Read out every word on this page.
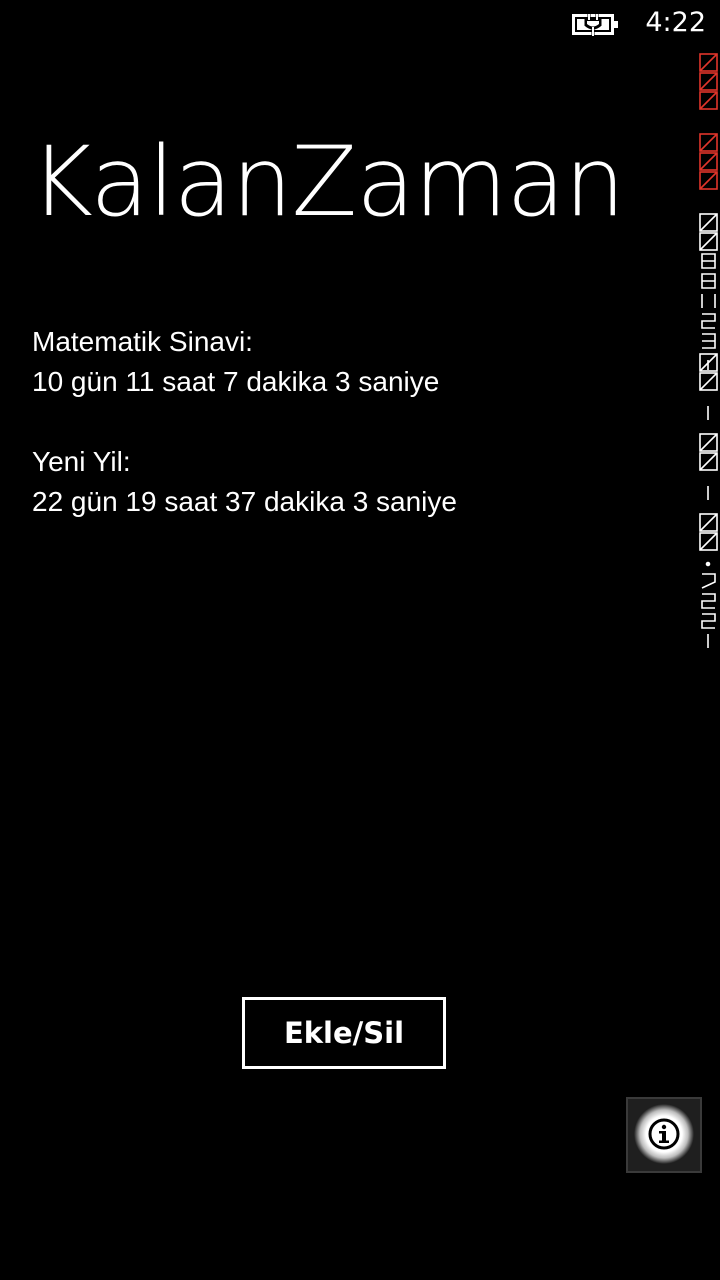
4:22
KalanZaman
Matematik Sinavi:
10 gün 11 saat 7 dakika 3 saniye
Yeni Yil:
22 gün 19 saat 37 dakika 3 saniye
Ekle/Sil
